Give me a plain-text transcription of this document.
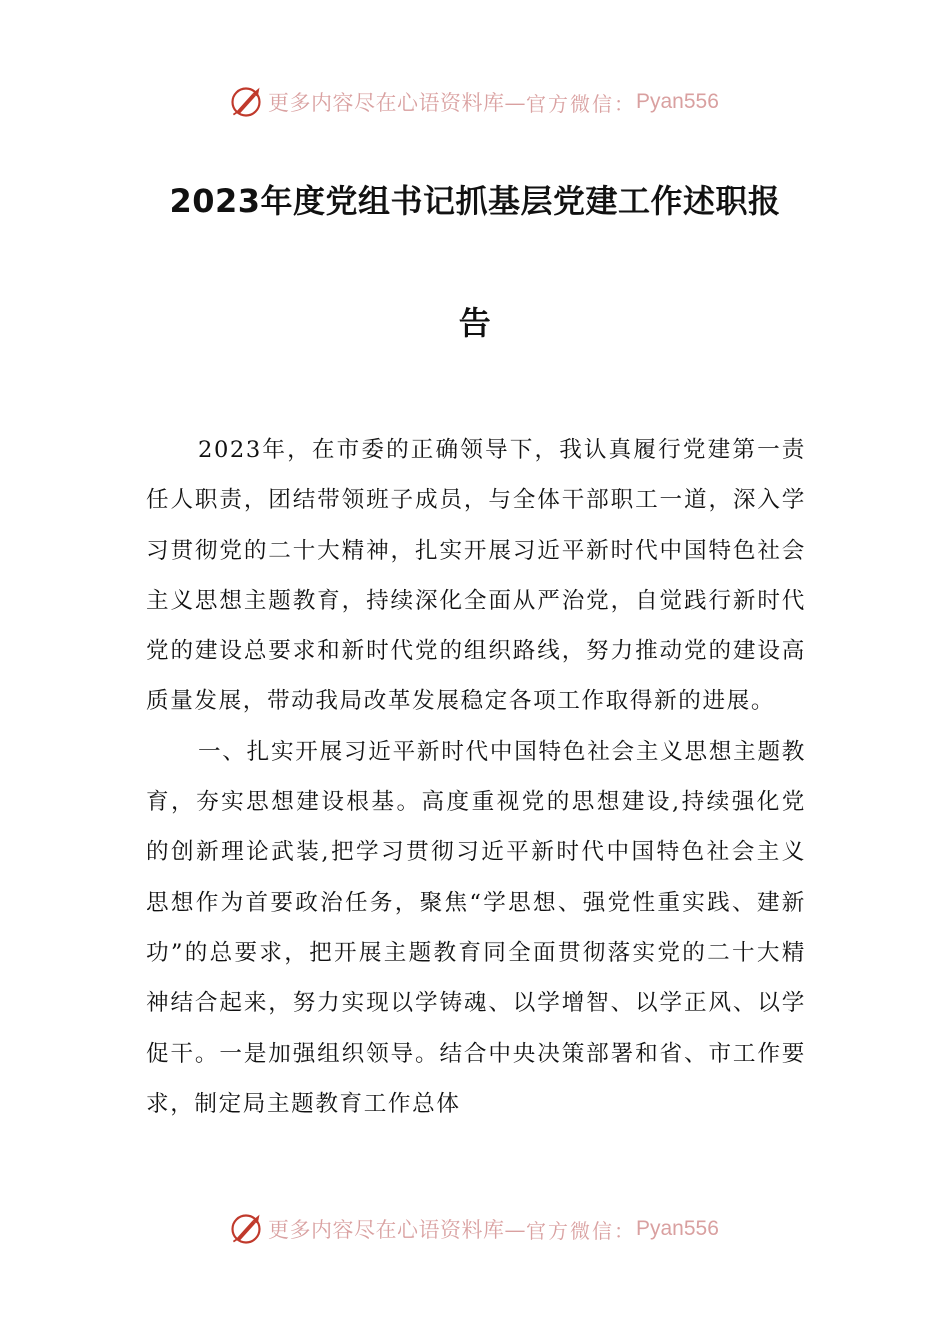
更多内容尽在心语资料库— 官方微信： Pyan556
2023年度党组书记抓基层党建工作述职报
告

2023年，在市委的正确领导下，我认真履行党建第一责任人职责，团结带领班子成员，与全体干部职工一道，深入学习贯彻党的二十大精神，扎实开展习近平新时代中国特色社会主义思想主题教育，持续深化全面从严治党，自觉践行新时代党的建设总要求和新时代党的组织路线，努力推动党的建设高质量发展，带动我局改革发展稳定各项工作取得新的进展。

一、扎实开展习近平新时代中国特色社会主义思想主题教育，夯实思想建设根基。高度重视党的思想建设,持续强化党的创新理论武装,把学习贯彻习近平新时代中国特色社会主义思想作为首要政治任务，聚焦“学思想、强党性重实践、建新功”的总要求，把开展主题教育同全面贯彻落实党的二十大精神结合起来，努力实现以学铸魂、以学增智、以学正风、以学促干。一是加强组织领导。结合中央决策部署和省、市工作要求，制定局主题教育工作总体

更多内容尽在心语资料库— 官方微信： Pyan556
